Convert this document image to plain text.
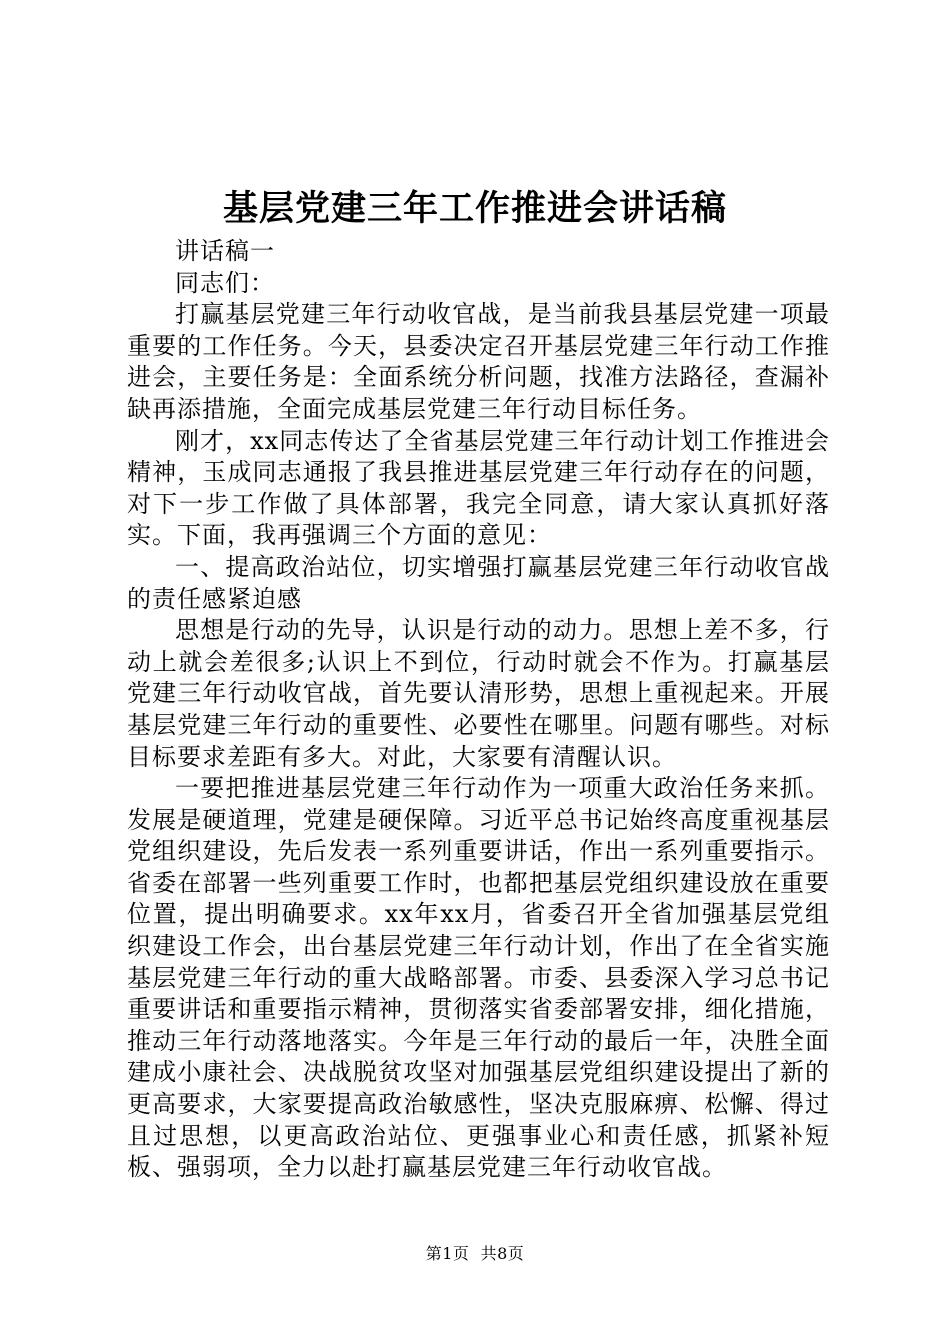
基层党建三年工作推进会讲话稿

讲话稿一

同志们：

打赢基层党建三年行动收官战，是当前我县基层党建一项最重要的工作任务。今天，县委决定召开基层党建三年行动工作推进会，主要任务是：全面系统分析问题，找准方法路径，查漏补缺再添措施，全面完成基层党建三年行动目标任务。

刚才，xx同志传达了全省基层党建三年行动计划工作推进会精神，玉成同志通报了我县推进基层党建三年行动存在的问题，对下一步工作做了具体部署，我完全同意，请大家认真抓好落实。下面，我再强调三个方面的意见：

一、提高政治站位，切实增强打赢基层党建三年行动收官战的责任感紧迫感

思想是行动的先导，认识是行动的动力。思想上差不多，行动上就会差很多;认识上不到位，行动时就会不作为。打赢基层党建三年行动收官战，首先要认清形势，思想上重视起来。开展基层党建三年行动的重要性、必要性在哪里。问题有哪些。对标目标要求差距有多大。对此，大家要有清醒认识。

一要把推进基层党建三年行动作为一项重大政治任务来抓。发展是硬道理，党建是硬保障。习近平总书记始终高度重视基层党组织建设，先后发表一系列重要讲话，作出一系列重要指示。省委在部署一些列重要工作时，也都把基层党组织建设放在重要位置，提出明确要求。xx年xx月，省委召开全省加强基层党组织建设工作会，出台基层党建三年行动计划，作出了在全省实施基层党建三年行动的重大战略部署。市委、县委深入学习总书记重要讲话和重要指示精神，贯彻落实省委部署安排，细化措施，推动三年行动落地落实。今年是三年行动的最后一年，决胜全面建成小康社会、决战脱贫攻坚对加强基层党组织建设提出了新的更高要求，大家要提高政治敏感性，坚决克服麻痹、松懈、得过且过思想，以更高政治站位、更强事业心和责任感，抓紧补短板、强弱项，全力以赴打赢基层党建三年行动收官战。

第1页  共8页
